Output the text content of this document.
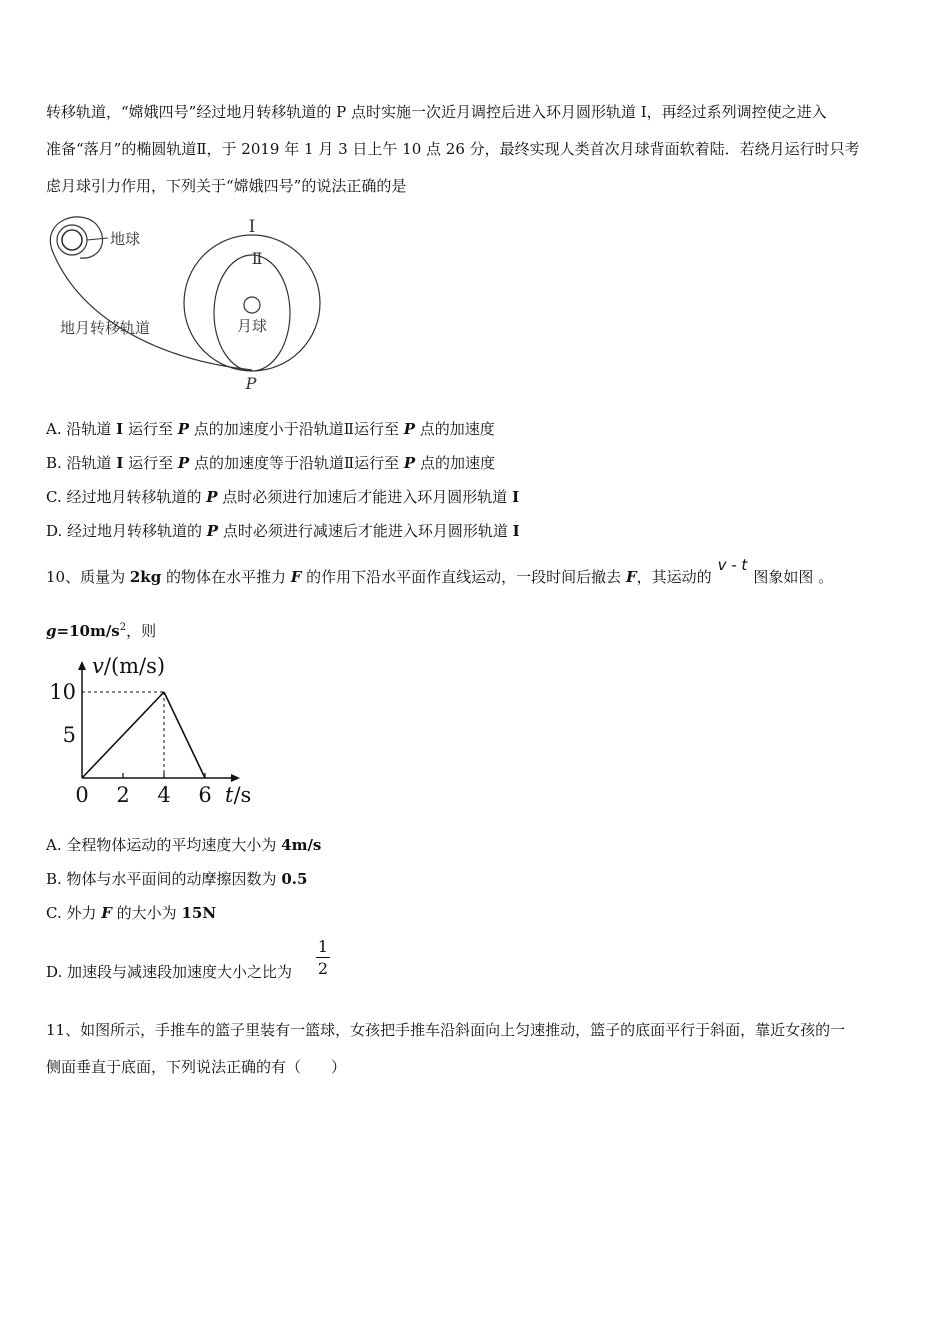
转移轨道，“嫦娥四号”经过地月转移轨道的 P 点时实施一次近月调控后进入环月圆形轨道 I，再经过系列调控使之进入
准备“落月”的椭圆轨道Ⅱ，于 2019 年 1 月 3 日上午 10 点 26 分，最终实现人类首次月球背面软着陆．若绕月运行时只考
虑月球引力作用，下列关于“嫦娥四号”的说法正确的是
地球
地月转移轨道
I
Ⅱ
月球
P
A. 沿轨道 I 运行至 P 点的加速度小于沿轨道Ⅱ运行至 P 点的加速度
B. 沿轨道 I 运行至 P 点的加速度等于沿轨道Ⅱ运行至 P 点的加速度
C. 经过地月转移轨道的 P 点时必须进行加速后才能进入环月圆形轨道 I
D. 经过地月转移轨道的 P 点时必须进行减速后才能进入环月圆形轨道 I
10、质量为 2kg 的物体在水平推力 F 的作用下沿水平面作直线运动，一段时间后撤去 F，其运动的v - t图象如图 。
$g=10m/s^2$，则
v/(m/s)
t/s
0 2 4 6
5
10
A. 全程物体运动的平均速度大小为 4m/s
B. 物体与水平面间的动摩擦因数为 0.5
C. 外力 F 的大小为 15N
D. 加速段与减速段加速度大小之比为
1
2
11、如图所示，手推车的篮子里装有一篮球，女孩把手推车沿斜面向上匀速推动，篮子的底面平行于斜面，靠近女孩的一
侧面垂直于底面，下列说法正确的有（　　）
